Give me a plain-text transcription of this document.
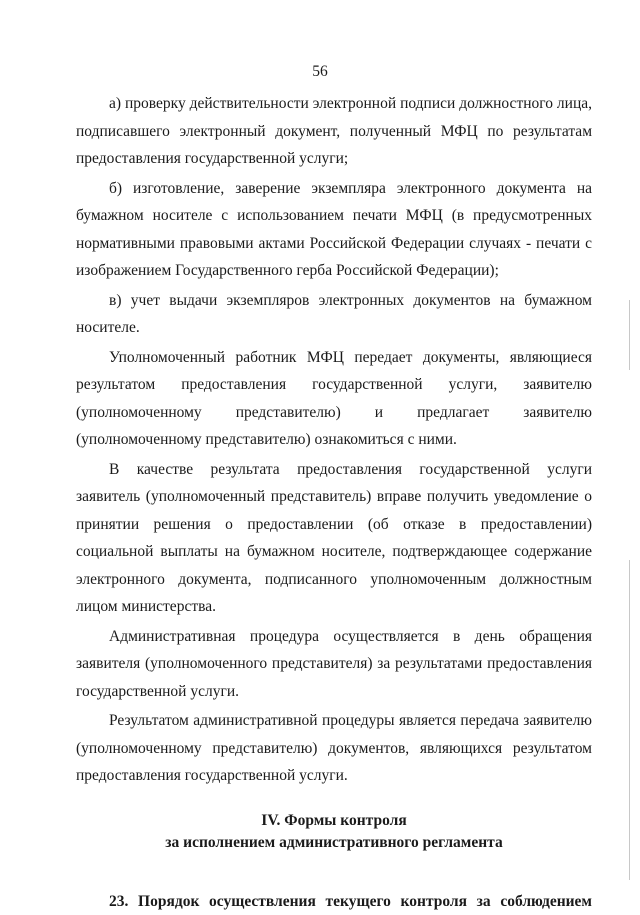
56

а) проверку действительности электронной подписи должностного лица, подписавшего электронный документ, полученный МФЦ по результатам предоставления государственной услуги;

б) изготовление, заверение экземпляра электронного документа на бумажном носителе с использованием печати МФЦ (в предусмотренных нормативными правовыми актами Российской Федерации случаях - печати с изображением Государственного герба Российской Федерации);

в) учет выдачи экземпляров электронных документов на бумажном носителе.

Уполномоченный работник МФЦ передает документы, являющиеся результатом предоставления государственной услуги, заявителю (уполномоченному представителю) и предлагает заявителю (уполномоченному представителю) ознакомиться с ними.

В качестве результата предоставления государственной услуги заявитель (уполномоченный представитель) вправе получить уведомление о принятии решения о предоставлении (об отказе в предоставлении) социальной выплаты на бумажном носителе, подтверждающее содержание электронного документа, подписанного уполномоченным должностным лицом министерства.

Административная процедура осуществляется в день обращения заявителя (уполномоченного представителя) за результатами предоставления государственной услуги.

Результатом административной процедуры является передача заявителю (уполномоченному представителю) документов, являющихся результатом предоставления государственной услуги.

IV. Формы контроля
за исполнением административного регламента

23. Порядок осуществления текущего контроля за соблюдением
